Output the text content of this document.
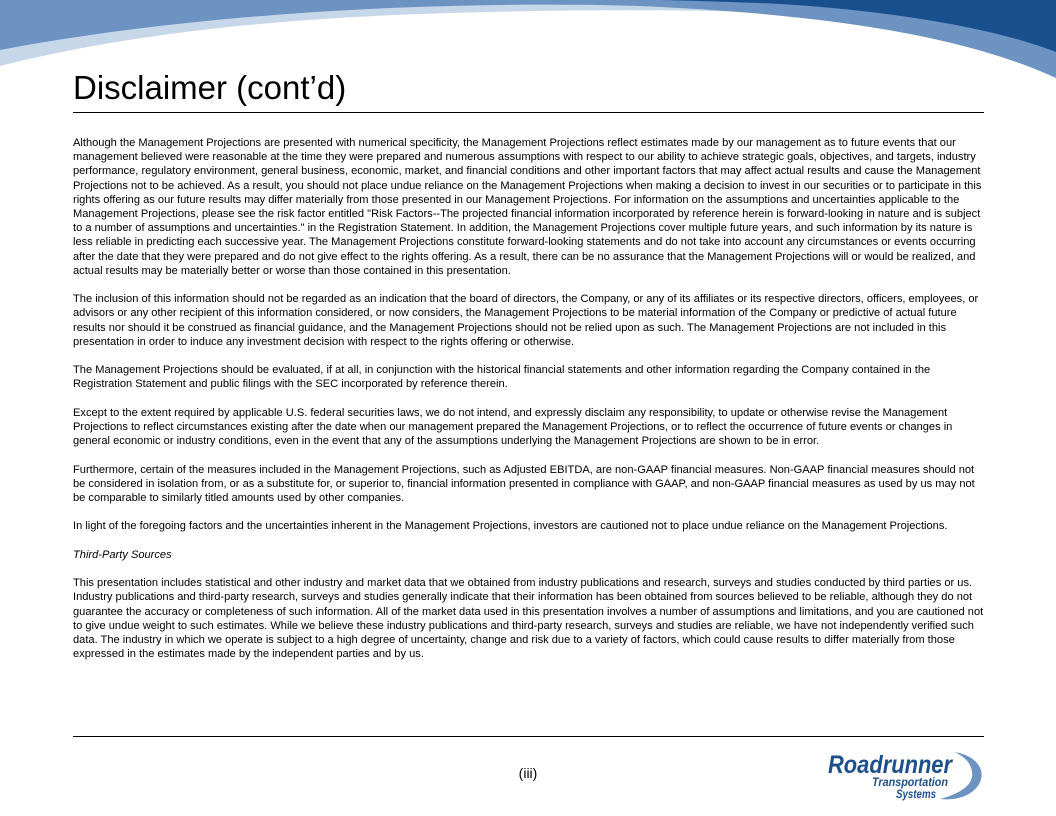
Disclaimer (cont’d)

Although the Management Projections are presented with numerical specificity, the Management Projections reflect estimates made by our management as to future events that our management believed were reasonable at the time they were prepared and numerous assumptions with respect to our ability to achieve strategic goals, objectives, and targets, industry performance, regulatory environment, general business, economic, market, and financial conditions and other important factors that may affect actual results and cause the Management Projections not to be achieved. As a result, you should not place undue reliance on the Management Projections when making a decision to invest in our securities or to participate in this rights offering as our future results may differ materially from those presented in our Management Projections. For information on the assumptions and uncertainties applicable to the Management Projections, please see the risk factor entitled "Risk Factors--The projected financial information incorporated by reference herein is forward-looking in nature and is subject to a number of assumptions and uncertainties." in the Registration Statement. In addition, the Management Projections cover multiple future years, and such information by its nature is less reliable in predicting each successive year. The Management Projections constitute forward-looking statements and do not take into account any circumstances or events occurring after the date that they were prepared and do not give effect to the rights offering. As a result, there can be no assurance that the Management Projections will or would be realized, and actual results may be materially better or worse than those contained in this presentation.

The inclusion of this information should not be regarded as an indication that the board of directors, the Company, or any of its affiliates or its respective directors, officers, employees, or advisors or any other recipient of this information considered, or now considers, the Management Projections to be material information of the Company or predictive of actual future results nor should it be construed as financial guidance, and the Management Projections should not be relied upon as such. The Management Projections are not included in this presentation in order to induce any investment decision with respect to the rights offering or otherwise.

The Management Projections should be evaluated, if at all, in conjunction with the historical financial statements and other information regarding the Company contained in the Registration Statement and public filings with the SEC incorporated by reference therein.

Except to the extent required by applicable U.S. federal securities laws, we do not intend, and expressly disclaim any responsibility, to update or otherwise revise the Management Projections to reflect circumstances existing after the date when our management prepared the Management Projections, or to reflect the occurrence of future events or changes in general economic or industry conditions, even in the event that any of the assumptions underlying the Management Projections are shown to be in error.

Furthermore, certain of the measures included in the Management Projections, such as Adjusted EBITDA, are non-GAAP financial measures. Non-GAAP financial measures should not be considered in isolation from, or as a substitute for, or superior to, financial information presented in compliance with GAAP, and non-GAAP financial measures as used by us may not be comparable to similarly titled amounts used by other companies.

In light of the foregoing factors and the uncertainties inherent in the Management Projections, investors are cautioned not to place undue reliance on the Management Projections.

Third-Party Sources

This presentation includes statistical and other industry and market data that we obtained from industry publications and research, surveys and studies conducted by third parties or us. Industry publications and third-party research, surveys and studies generally indicate that their information has been obtained from sources believed to be reliable, although they do not guarantee the accuracy or completeness of such information. All of the market data used in this presentation involves a number of assumptions and limitations, and you are cautioned not to give undue weight to such estimates. While we believe these industry publications and third-party research, surveys and studies are reliable, we have not independently verified such data. The industry in which we operate is subject to a high degree of uncertainty, change and risk due to a variety of factors, which could cause results to differ materially from those expressed in the estimates made by the independent parties and by us.

(iii)	Roadrunner
Transportation
Systems
